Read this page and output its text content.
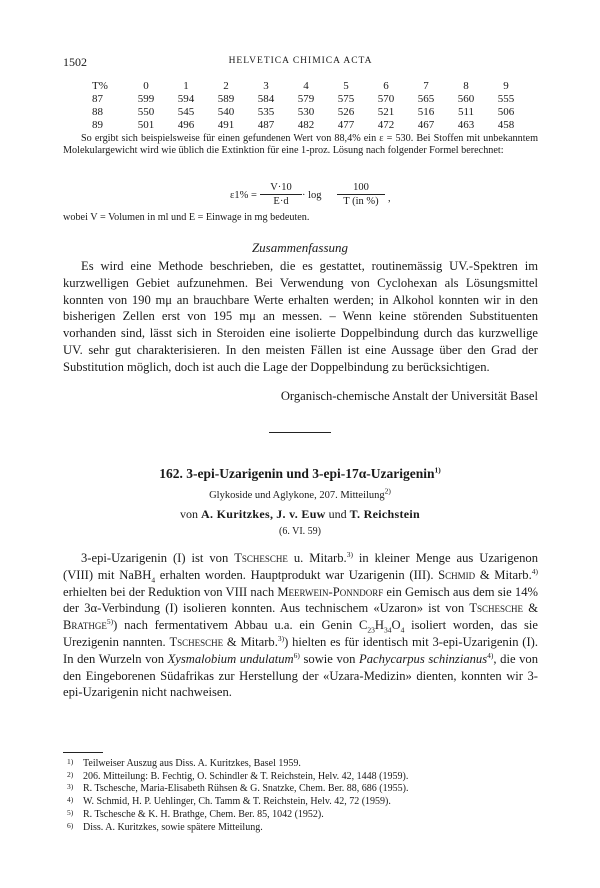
1502	HELVETICA CHIMICA ACTA
T%	0	1	2	3	4	5	6	7	8	9
87	599	594	589	584	579	575	570	565	560	555
88	550	545	540	535	530	526	521	516	511	506
89	501	496	491	487	482	477	472	467	463	458

So ergibt sich beispielsweise für einen gefundenen Wert von 88,4% ein ε = 530. Bei Stoffen mit unbekanntem Molekulargewicht wird wie üblich die Extinktion für eine 1-proz. Lösung nach folgender Formel berechnet:

$\varepsilon 1\% = \frac{V\cdot 10}{E\cdot d} \cdot \log \frac{100}{T (in \%)}$ ,

wobei V = Volumen in ml und E = Einwage in mg bedeuten.

Zusammenfassung

Es wird eine Methode beschrieben, die es gestattet, routinemässig UV.-Spektren im kurzwelligen Gebiet aufzunehmen. Bei Verwendung von Cyclohexan als Lösungsmittel konnten von 190 mμ an brauchbare Werte erhalten werden; in Alkohol konnten wir in den bisherigen Zellen erst von 195 mμ an messen. – Wenn keine störenden Substituenten vorhanden sind, lässt sich in Steroiden eine isolierte Doppelbindung durch das kurzwellige UV. sehr gut charakterisieren. In den meisten Fällen ist eine Aussage über den Grad der Substitution möglich, doch ist auch die Lage der Doppelbindung zu berücksichtigen.

Organisch-chemische Anstalt der Universität Basel
162. 3-epi-Uzarigenin und 3-epi-17α-Uzarigenin$^{1)}$
Glykoside und Aglykone, 207. Mitteilung$^{2)}$
von A. Kuritzkes, J. v. Euw und T. Reichstein
(6. VI. 59)

3-epi-Uzarigenin (I) ist von Tschesche u. Mitarb.$^{3)}$ in kleiner Menge aus Uzarigenon (VIII) mit NaBH$_4$ erhalten worden. Hauptprodukt war Uzarigenin (III). Schmid & Mitarb.$^{4)}$ erhielten bei der Reduktion von VIII nach Meerwein-Ponndorf ein Gemisch aus dem sie 14% der 3α-Verbindung (I) isolieren konnten. Aus technischem «Uzaron» ist von Tschesche & Brathge$^{5)}$) nach fermentativem Abbau u.a. ein Genin $C_{23}H_{34}O_4$ isoliert worden, das sie Urezigenin nannten. Tschesche & Mitarb.$^{3)}$) hielten es für identisch mit 3-epi-Uzarigenin (I). In den Wurzeln von Xysmalobium undulatum$^{6)}$ sowie von Pachycarpus schinzianus$^{4)}$, die von den Eingeborenen Südafrikas zur Herstellung der «Uzara-Medizin» dienten, konnten wir 3-epi-Uzarigenin nicht nachweisen.

1) Teilweiser Auszug aus Diss. A. Kuritzkes, Basel 1959.
2) 206. Mitteilung: B. Fechtig, O. Schindler & T. Reichstein, Helv. 42, 1448 (1959).
3) R. Tschesche, Maria-Elisabeth Rühsen & G. Snatzke, Chem. Ber. 88, 686 (1955).
4) W. Schmid, H. P. Uehlinger, Ch. Tamm & T. Reichstein, Helv. 42, 72 (1959).
5) R. Tschesche & K. H. Brathge, Chem. Ber. 85, 1042 (1952).
6) Diss. A. Kuritzkes, sowie spätere Mitteilung.
